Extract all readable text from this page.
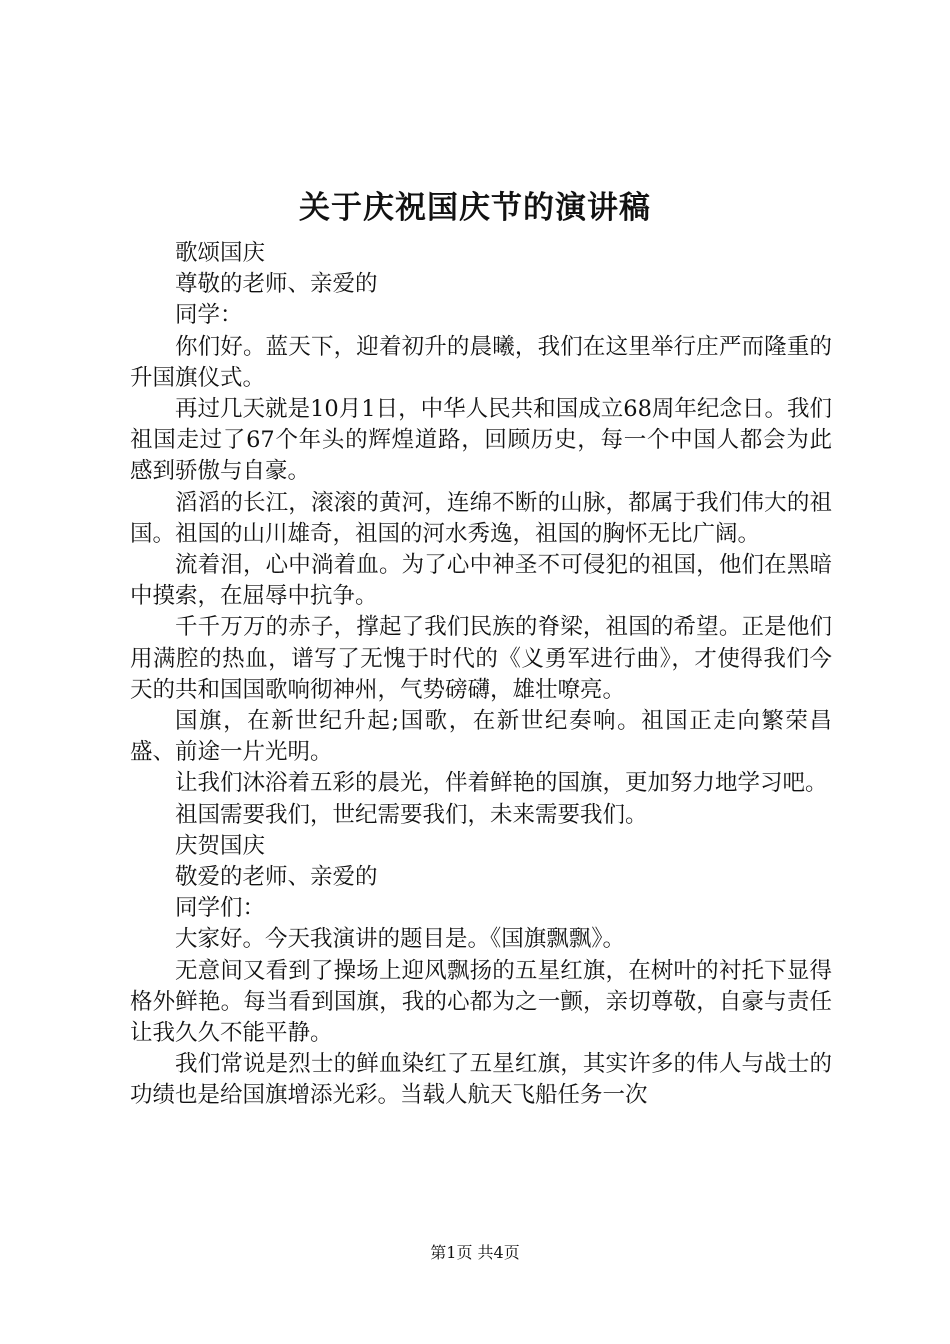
关于庆祝国庆节的演讲稿

歌颂国庆

尊敬的老师、亲爱的

同学：

你们好。蓝天下，迎着初升的晨曦，我们在这里举行庄严而隆重的升国旗仪式。

再过几天就是10月1日，中华人民共和国成立68周年纪念日。我们祖国走过了67个年头的辉煌道路，回顾历史，每一个中国人都会为此感到骄傲与自豪。

滔滔的长江，滚滚的黄河，连绵不断的山脉，都属于我们伟大的祖国。祖国的山川雄奇，祖国的河水秀逸，祖国的胸怀无比广阔。

流着泪，心中淌着血。为了心中神圣不可侵犯的祖国，他们在黑暗中摸索，在屈辱中抗争。

千千万万的赤子，撑起了我们民族的脊梁，祖国的希望。正是他们用满腔的热血，谱写了无愧于时代的《义勇军进行曲》，才使得我们今天的共和国国歌响彻神州，气势磅礴，雄壮嘹亮。

国旗，在新世纪升起;国歌，在新世纪奏响。祖国正走向繁荣昌盛、前途一片光明。

让我们沐浴着五彩的晨光，伴着鲜艳的国旗，更加努力地学习吧。

祖国需要我们，世纪需要我们，未来需要我们。

庆贺国庆

敬爱的老师、亲爱的

同学们：

大家好。今天我演讲的题目是。《国旗飘飘》。

无意间又看到了操场上迎风飘扬的五星红旗，在树叶的衬托下显得格外鲜艳。每当看到国旗，我的心都为之一颤，亲切尊敬，自豪与责任让我久久不能平静。

我们常说是烈士的鲜血染红了五星红旗，其实许多的伟人与战士的功绩也是给国旗增添光彩。当载人航天飞船任务一次

第1页 共4页
